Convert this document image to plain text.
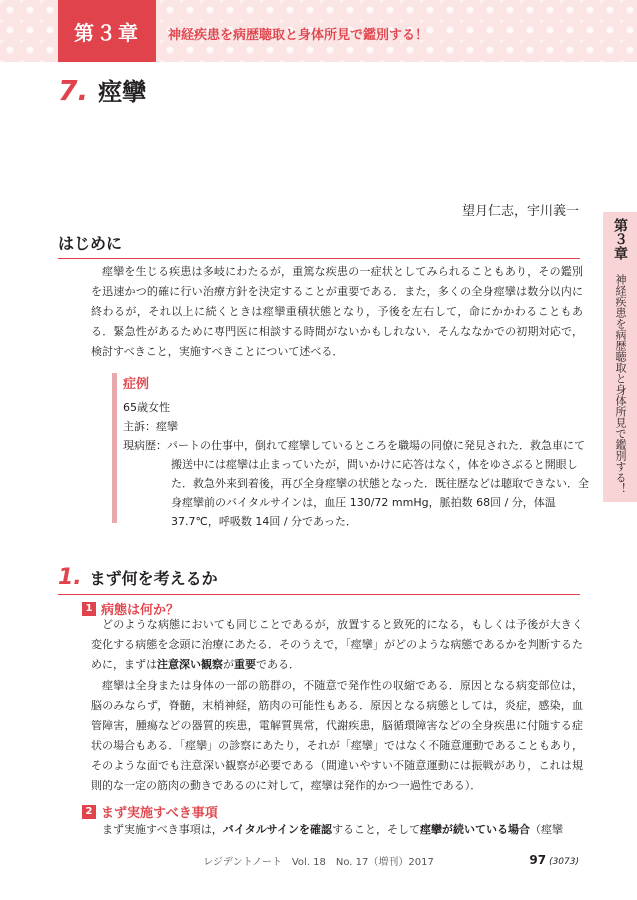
第３章	神経疾患を病歴聴取と身体所見で鑑別する！
7. 痙攣
望月仁志，宇川義一
第３章
神経疾患を病歴聴取と身体所見で鑑別する！
はじめに

痙攣を生じる疾患は多岐にわたるが，重篤な疾患の一症状としてみられることもあり，その鑑別を迅速かつ的確に行い治療方針を決定することが重要である．また，多くの全身痙攣は数分以内に終わるが，それ以上に続くときは痙攣重積状態となり，予後を左右して，命にかかわることもある．緊急性があるために専門医に相談する時間がないかもしれない．そんななかでの初期対応で，検討すべきこと，実施すべきことについて述べる．

症例

65歳女性

主訴：痙攣

現病歴：パートの仕事中，倒れて痙攣しているところを職場の同僚に発見された．救急車にて搬送中には痙攣は止まっていたが，問いかけに応答はなく，体をゆさぶると開眼した．救急外来到着後，再び全身痙攣の状態となった．既往歴などは聴取できない．全身痙攣前のバイタルサインは，血圧 130/72 mmHg，脈拍数 68回 / 分，体温 37.7℃，呼吸数 14回 / 分であった．

1. まず何を考えるか
1 病態は何か？

どのような病態においても同じことであるが，放置すると致死的になる，もしくは予後が大きく変化する病態を念頭に治療にあたる．そのうえで，「痙攣」がどのような病態であるかを判断するために，まずは注意深い観察が重要である．

痙攣は全身または身体の一部の筋群の，不随意で発作性の収縮である．原因となる病変部位は，脳のみならず，脊髄，末梢神経，筋肉の可能性もある．原因となる病態としては，炎症，感染，血管障害，腫瘍などの器質的疾患，電解質異常，代謝疾患，脳循環障害などの全身疾患に付随する症状の場合もある．「痙攣」の診察にあたり，それが「痙攣」ではなく不随意運動であることもあり，そのような面でも注意深い観察が必要である（間違いやすい不随意運動には振戦があり，これは規則的な一定の筋肉の動きであるのに対して，痙攣は発作的かつ一過性である）．

2 まず実施すべき事項

まず実施すべき事項は，バイタルサインを確認すること，そして痙攣が続いている場合（痙攣

レジデントノート　Vol. 18　No. 17（増刊）2017	97 (3073)
